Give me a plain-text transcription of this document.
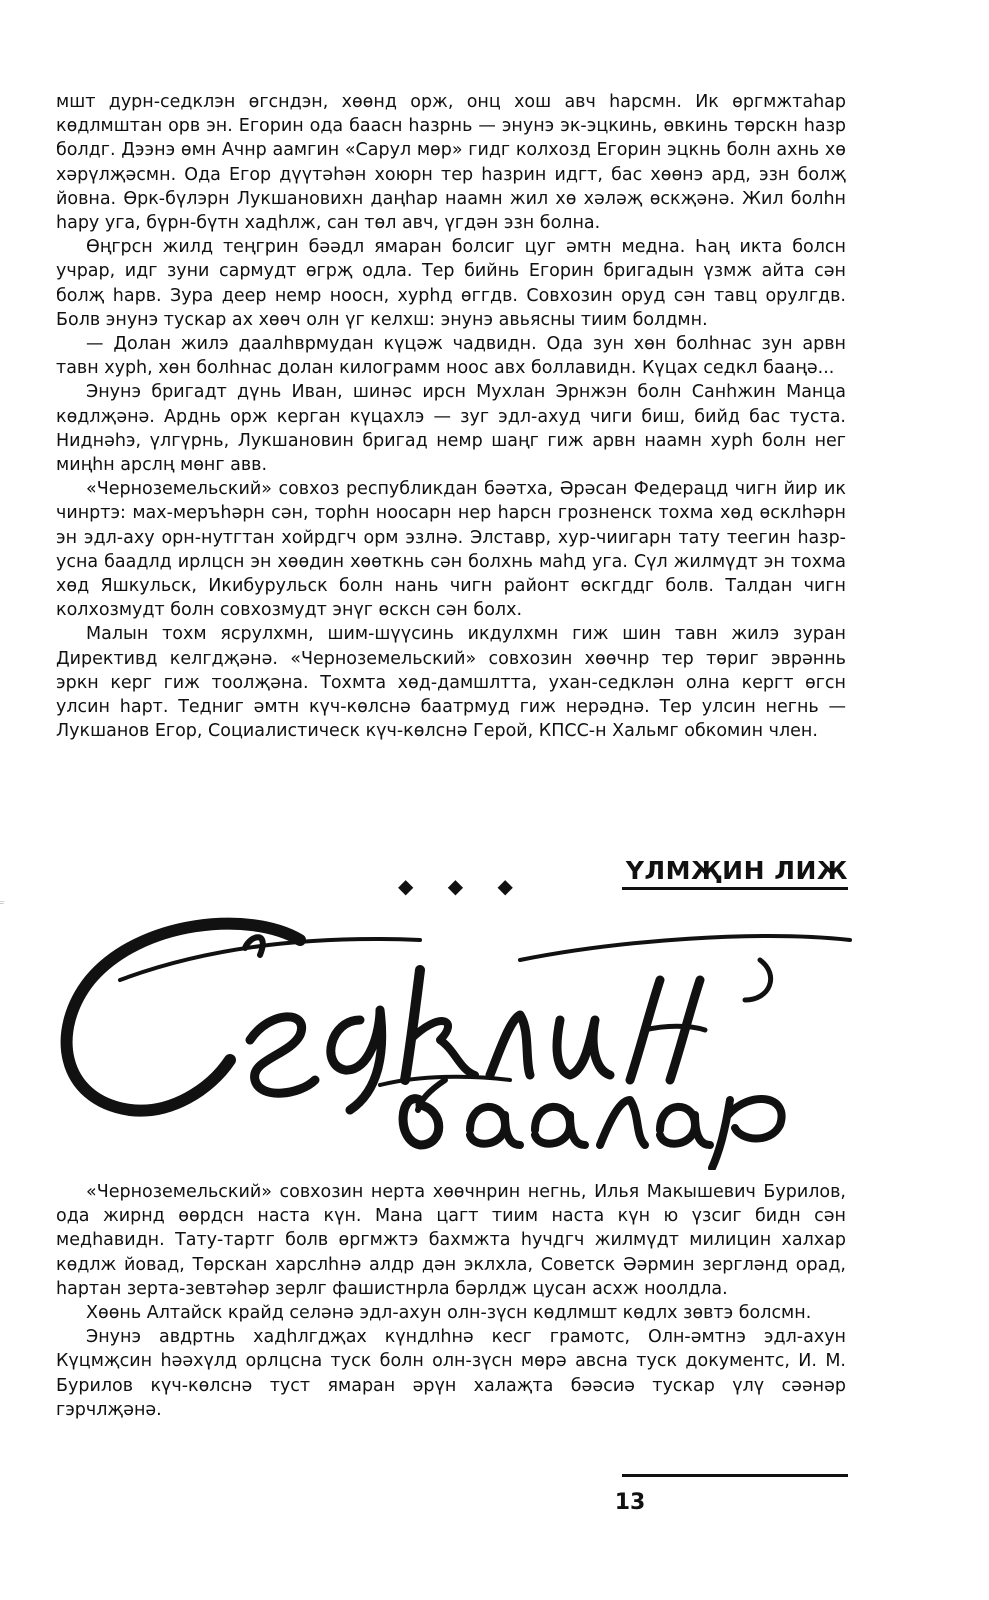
мшт дурн-седклэн өгсндэн, хөөнд орж, онц хош авч һарсмн. Ик өргмжтаһар көдлмштан орв эн. Егорин ода баасн һазрнь — энунэ эк-эцкинь, өвкинь төрскн һазр болдг. Дээнэ өмн Ачнр аамгин «Сарул мөр» гидг колхозд Егорин эцкнь болн ахнь хө хәрүлҗәсмн. Ода Егор дүүтәһән хоюрн тер һазрин идгт, бас хөөнэ ард, эзн болҗ йовна. Өрк-бүлэрн Лукшановихн даңһар наамн жил хө хәләҗ өскҗәнә. Жил болһн һару уга, бүрн-бүтн хадһлж, сан төл авч, үгдән эзн болна.

Өңгрсн жилд теңгрин бәәдл ямаран болсиг цуг әмтн медна. Һаң икта болсн учрар, идг зуни сармудт өгрҗ одла. Тер бийнь Егорин бригадын үзмж айта сән болҗ һарв. Зура деер немр ноосн, хурһд өггдв. Совхозин оруд сән тавц орулгдв. Болв энунэ тускар ах хөөч олн үг келхш: энунэ авьясны тиим болдмн.

— Долан жилэ даалһврмудан күцәж чадвидн. Ода зун хөн болһнас зун арвн тавн хурһ, хөн болһнас долан килограмм ноос авх боллавидн. Күцах седкл бааңә...

Энунэ бригадт дүнь Иван, шинәс ирсн Мухлан Эрнжэн болн Санһжин Манца көдлҗәнә. Арднь орж керган күцахлэ — зуг эдл-ахуд чиги биш, бийд бас туста. Ниднәһэ, үлгүрнь, Лукшановин бригад немр шаңг гиж арвн наамн хурһ болн нег миңһн арслң мөнг авв.

«Черноземельский» совхоз республикдан бәәтха, Әрәсан Федерацд чигн йир ик чинртэ: мах-меръһәрн сән, торһн ноосарн нер һарсн грозненск тохма хөд өсклһәрн эн эдл-аху орн-нутгтан хойрдгч орм эзлнә. Элставр, хур-чиигарн тату теегин һазр-усна баадлд ирлцсн эн хөөдин хөөткнь сән болхнь маһд уга. Сүл жилмүдт эн тохма хөд Яшкульск, Икибурульск болн нань чигн районт өскгддг болв. Талдан чигн колхозмудт болн совхозмудт энүг өсксн сән болх.

Малын тохм ясрулхмн, шим-шүүсинь икдулхмн гиж шин тавн жилэ зуран Директивд келгдҗәнә. «Черноземельский» совхозин хөөчнр тер төриг эврәннь эркн керг гиж тоолҗәна. Тохмта хөд-дамшлтта, ухан-седклән олна кергт өгсн улсин һарт. Тедниг әмтн күч-көлснә баатрмуд гиж нерәднә. Тер улсин негнь — Лукшанов Егор, Социалистическ күч-көлснә Герой, КПСС-н Хальмг обкомин член.

◆ ◆ ◆
ҮЛМҖИН ЛИЖ

«Черноземельский» совхозин нерта хөөчнрин негнь, Илья Макышевич Бурилов, ода жирнд өөрдсн наста күн. Мана цагт тиим наста күн ю үзсиг бидн сән медһавидн. Тату-тартг болв өргмжтэ бахмжта һучдгч жилмүдт милицин халхар көдлж йовад, Төрскан харслһнә алдр дән эклхла, Советск Әәрмин зергләнд орад, һартан зерта-зевтәһәр зерлг фашистнрла бәрлдж цусан асхж ноолдла.

Хөөнь Алтайск крайд селәнә эдл-ахун олн-зүсн көдлмшт көдлх зөвтэ болсмн.

Энунэ авдртнь хадһлгдҗах күндлһнә кесг грамотс, Олн-әмтнэ эдл-ахун Күцмҗсин һәәхүлд орлцсна туск болн олн-зүсн мөрә авсна туск документс, И. М. Бурилов күч-көлснә туст ямаран әрүн халаҗта бәәсиә тускар үлү сәәнәр гэрчлҗәнә.

13
